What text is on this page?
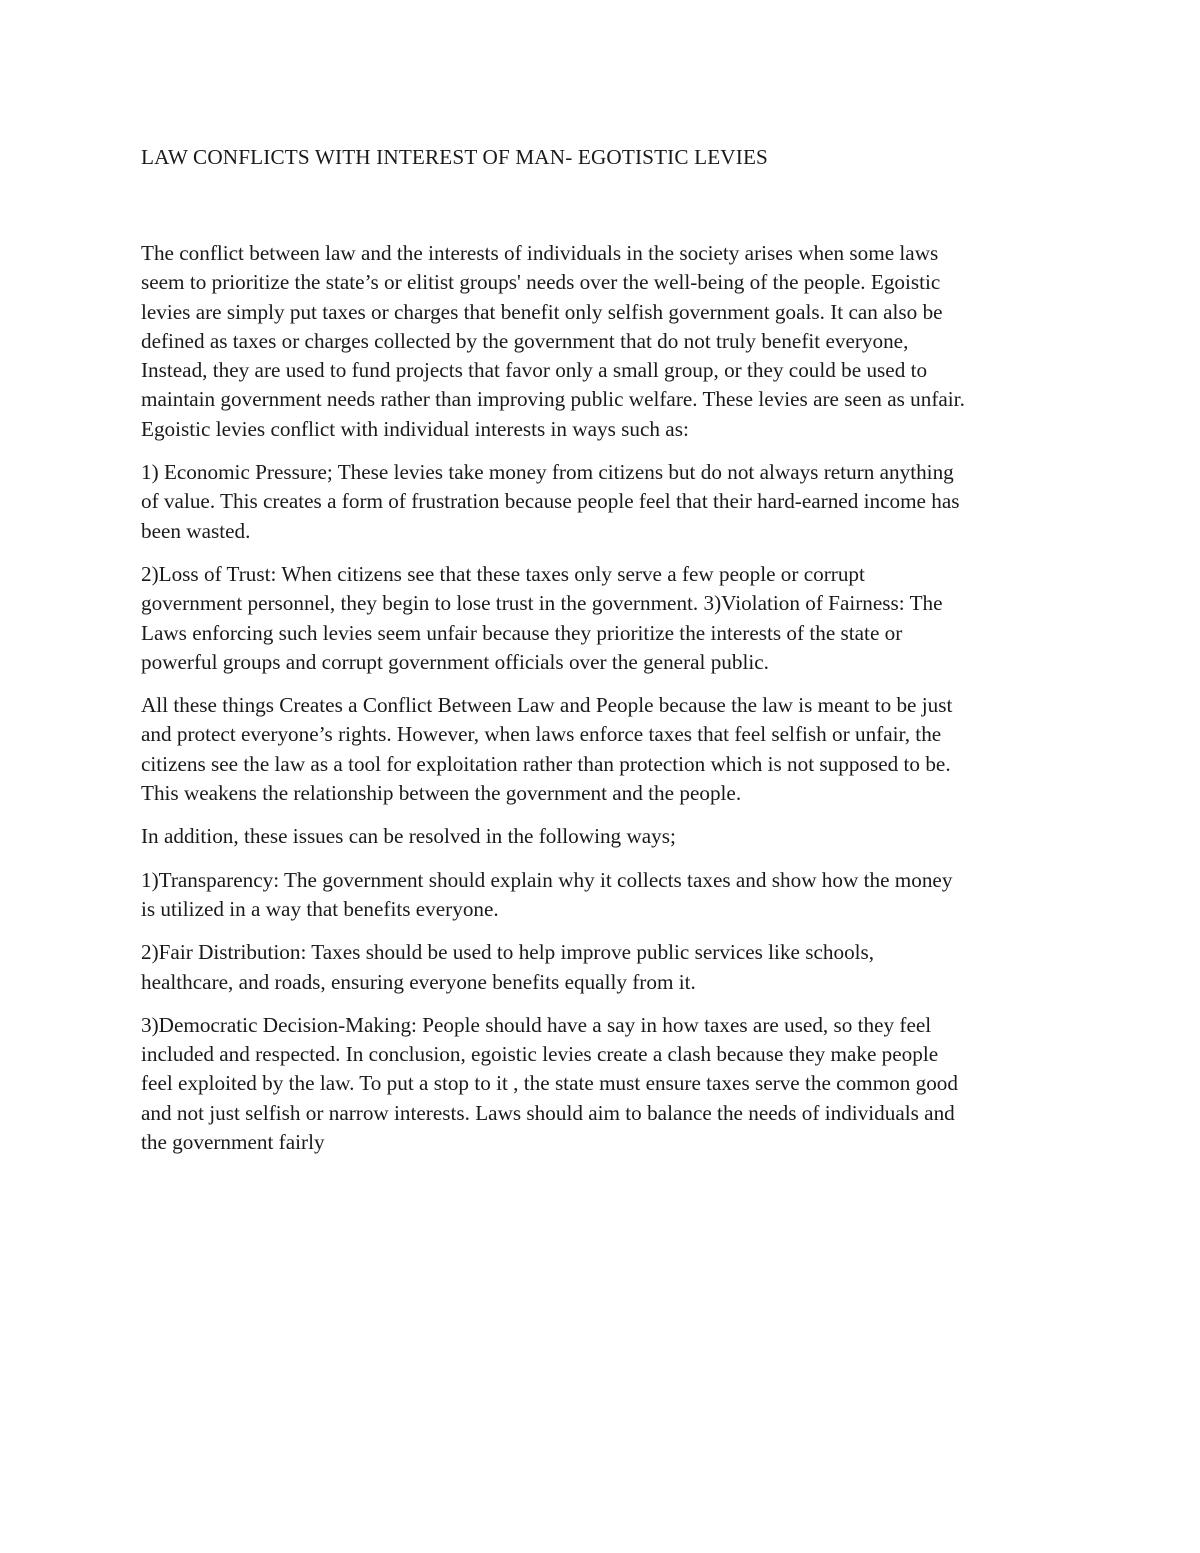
LAW CONFLICTS WITH INTEREST OF MAN- EGOTISTIC LEVIES

The conflict between law and the interests of individuals in the society arises when some laws
seem to prioritize the state’s or elitist groups' needs over the well-being of the people. Egoistic
levies are simply put taxes or charges that benefit only selfish government goals. It can also be
defined as taxes or charges collected by the government that do not truly benefit everyone,
Instead, they are used to fund projects that favor only a small group, or they could be used to
maintain government needs rather than improving public welfare. These levies are seen as unfair.
Egoistic levies conflict with individual interests in ways such as:

1) Economic Pressure; These levies take money from citizens but do not always return anything
of value. This creates a form of frustration because people feel that their hard-earned income has
been wasted.

2)Loss of Trust: When citizens see that these taxes only serve a few people or corrupt
government personnel, they begin to lose trust in the government. 3)Violation of Fairness: The
Laws enforcing such levies seem unfair because they prioritize the interests of the state or
powerful groups and corrupt government officials over the general public.

All these things Creates a Conflict Between Law and People because the law is meant to be just
and protect everyone’s rights. However, when laws enforce taxes that feel selfish or unfair, the
citizens see the law as a tool for exploitation rather than protection which is not supposed to be.
This weakens the relationship between the government and the people.

In addition, these issues can be resolved in the following ways;

1)Transparency: The government should explain why it collects taxes and show how the money
is utilized in a way that benefits everyone.

2)Fair Distribution: Taxes should be used to help improve public services like schools,
healthcare, and roads, ensuring everyone benefits equally from it.

3)Democratic Decision-Making: People should have a say in how taxes are used, so they feel
included and respected. In conclusion, egoistic levies create a clash because they make people
feel exploited by the law. To put a stop to it , the state must ensure taxes serve the common good
and not just selfish or narrow interests. Laws should aim to balance the needs of individuals and
the government fairly
